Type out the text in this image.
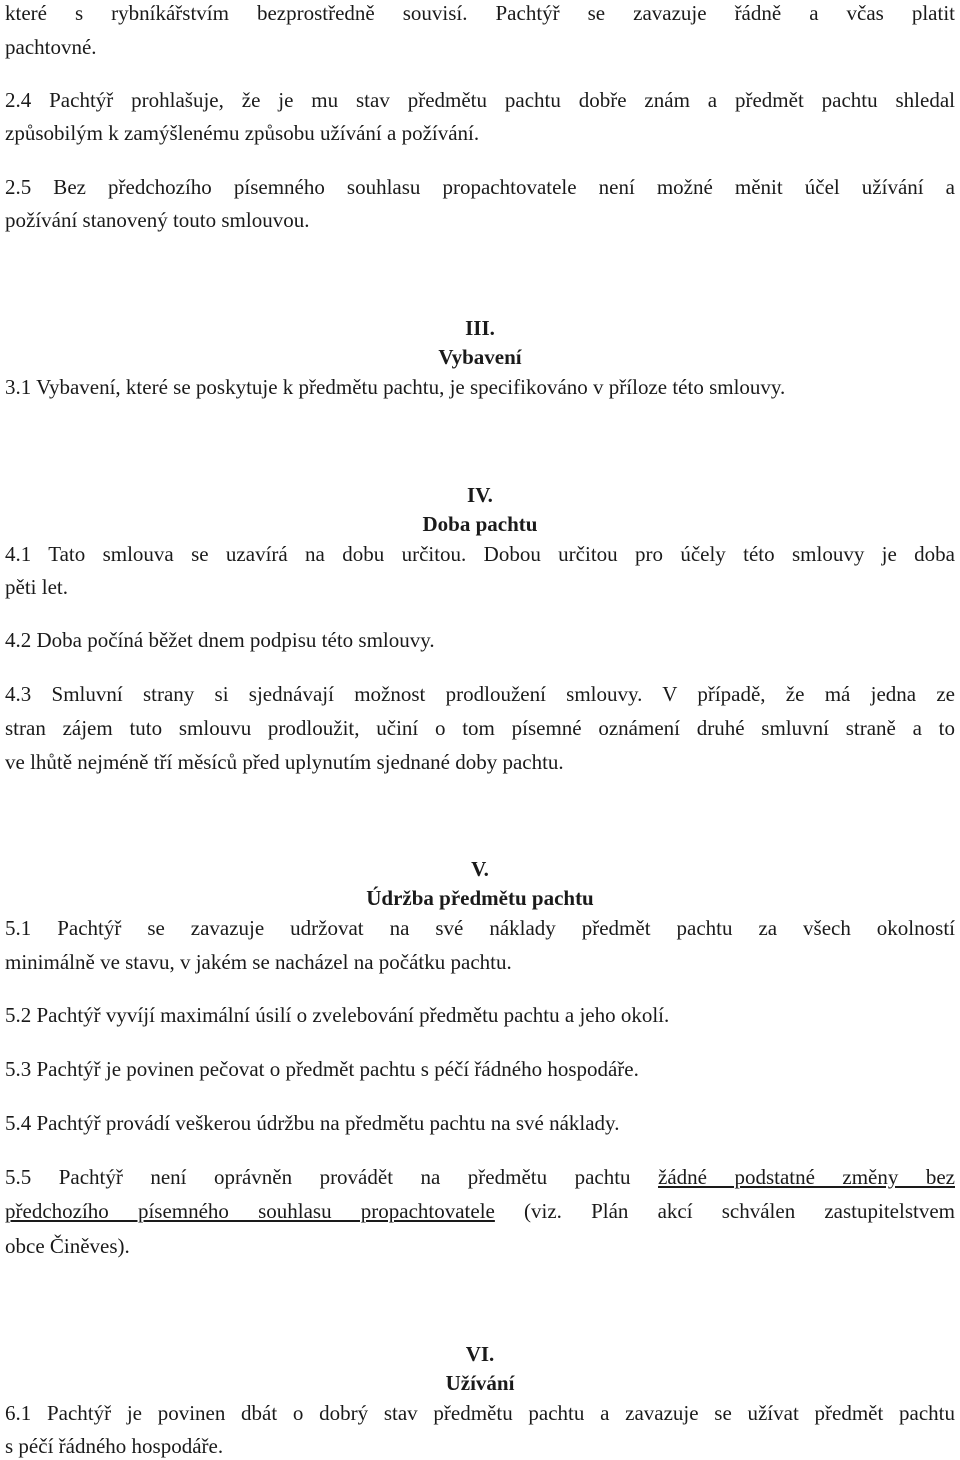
které s rybníkářstvím bezprostředně souvisí. Pachtýř se zavazuje řádně a včas platit
pachtovné.
2.4 Pachtýř prohlašuje, že je mu stav předmětu pachtu dobře znám a předmět pachtu shledal
způsobilým k zamýšlenému způsobu užívání a požívání.
2.5 Bez předchozího písemného souhlasu propachtovatele není možné měnit účel užívání a
požívání stanovený touto smlouvou.
III.
Vybavení
3.1 Vybavení, které se poskytuje k předmětu pachtu, je specifikováno v příloze této smlouvy.
IV.
Doba pachtu
4.1 Tato smlouva se uzavírá na dobu určitou. Dobou určitou pro účely této smlouvy je doba
pěti let.
4.2 Doba počíná běžet dnem podpisu této smlouvy.
4.3 Smluvní strany si sjednávají možnost prodloužení smlouvy. V případě, že má jedna ze
stran zájem tuto smlouvu prodloužit, učiní o tom písemné oznámení druhé smluvní straně a to
ve lhůtě nejméně tří měsíců před uplynutím sjednané doby pachtu.
V.
Údržba předmětu pachtu
5.1 Pachtýř se zavazuje udržovat na své náklady předmět pachtu za všech okolností
minimálně ve stavu, v jakém se nacházel na počátku pachtu.
5.2 Pachtýř vyvíjí maximální úsilí o zvelebování předmětu pachtu a jeho okolí.
5.3 Pachtýř je povinen pečovat o předmět pachtu s péčí řádného hospodáře.
5.4 Pachtýř provádí veškerou údržbu na předmětu pachtu na své náklady.
5.5 Pachtýř není oprávněn provádět na předmětu pachtu žádné podstatné změny bez
předchozího písemného souhlasu propachtovatele (viz. Plán akcí schválen zastupitelstvem
obce Činěves).
VI.
Užívání
6.1 Pachtýř je povinen dbát o dobrý stav předmětu pachtu a zavazuje se užívat předmět pachtu
s péčí řádného hospodáře.
